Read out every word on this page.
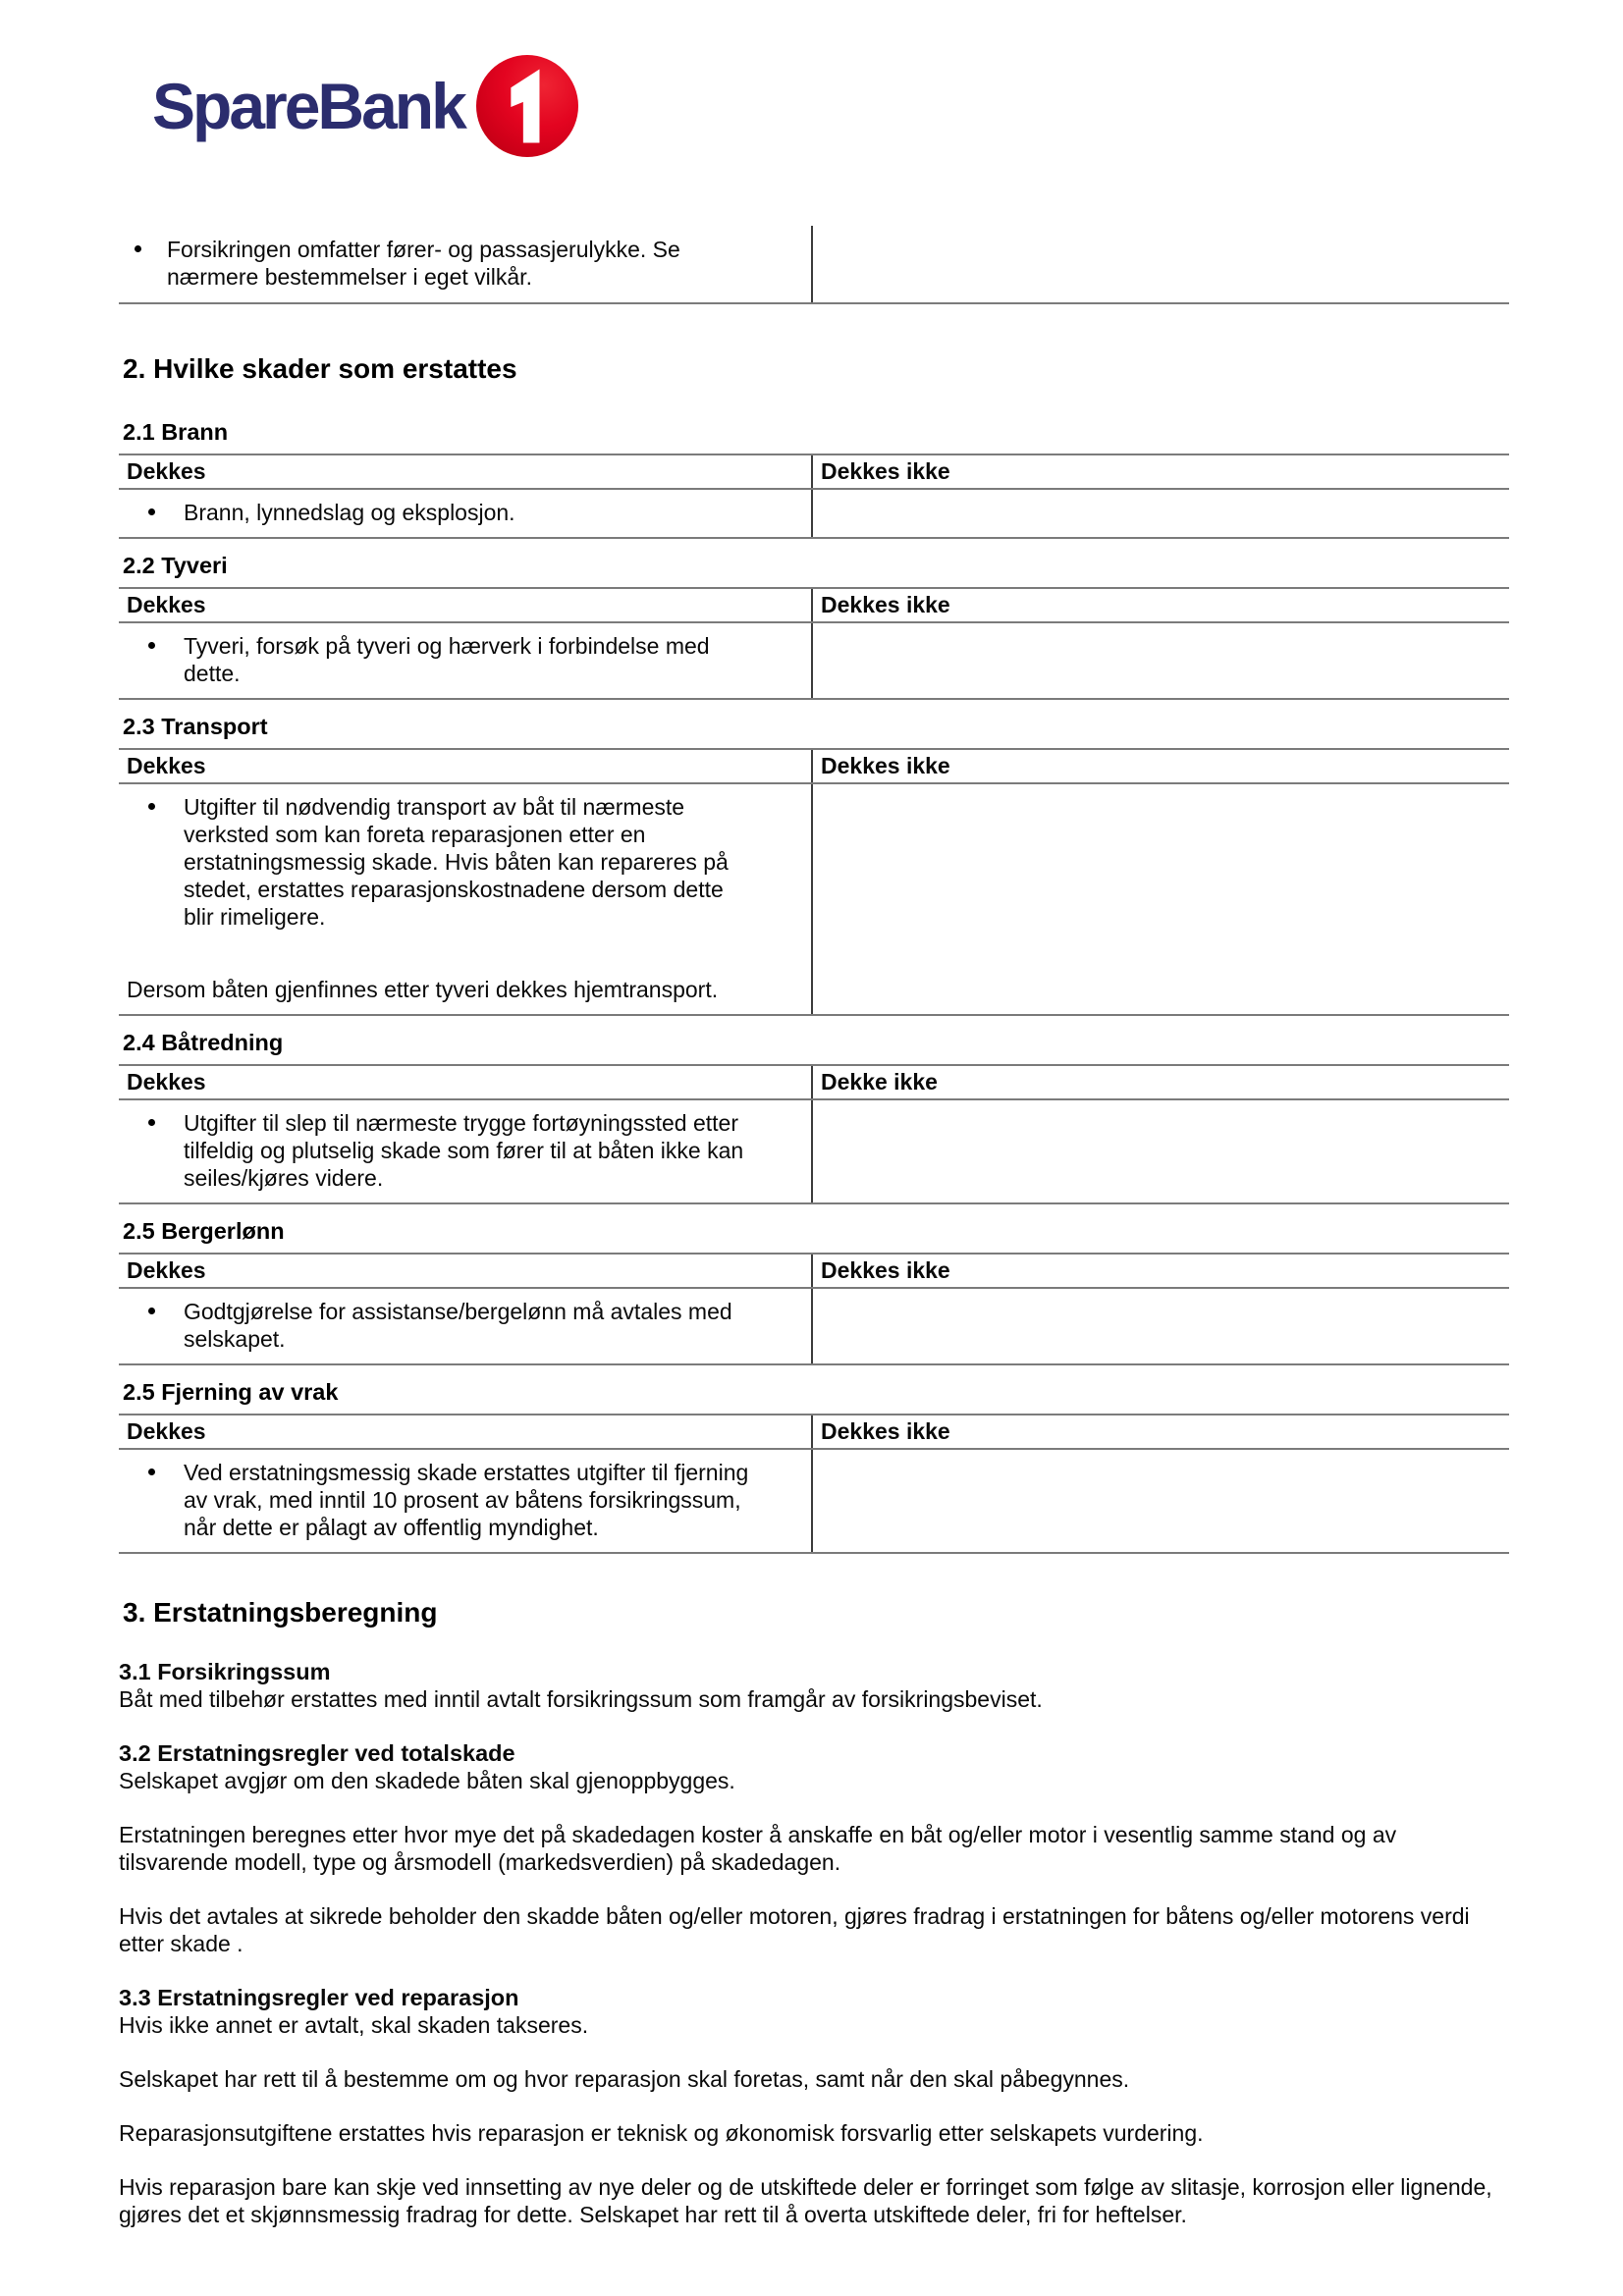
SpareBank
Forsikringen omfatter fører- og passasjerulykke. Se nærmere bestemmelser i eget vilkår.
2. Hvilke skader som erstattes
2.1 Brann
Dekkes	Dekkes ikke
Brann, lynnedslag og eksplosjon.
2.2 Tyveri
Dekkes	Dekkes ikke
Tyveri, forsøk på tyveri og hærverk i forbindelse med dette.
2.3 Transport
Dekkes	Dekkes ikke
Utgifter til nødvendig transport av båt til nærmeste verksted som kan foreta reparasjonen etter en erstatningsmessig skade. Hvis båten kan repareres på stedet, erstattes reparasjonskostnadene dersom dette blir rimeligere.

Dersom båten gjenfinnes etter tyveri dekkes hjemtransport.

2.4 Båtredning
Dekkes	Dekke ikke
Utgifter til slep til nærmeste trygge fortøyningssted etter tilfeldig og plutselig skade som fører til at båten ikke kan seiles/kjøres videre.
2.5 Bergerlønn
Dekkes	Dekkes ikke
Godtgjørelse for assistanse/bergelønn må avtales med selskapet.
2.5 Fjerning av vrak
Dekkes	Dekkes ikke
Ved erstatningsmessig skade erstattes utgifter til fjerning av vrak, med inntil 10 prosent av båtens forsikringssum, når dette er pålagt av offentlig myndighet.
3. Erstatningsberegning
3.1 Forsikringssum

Båt med tilbehør erstattes med inntil avtalt forsikringssum som framgår av forsikringsbeviset.

3.2 Erstatningsregler ved totalskade

Selskapet avgjør om den skadede båten skal gjenoppbygges.

Erstatningen beregnes etter hvor mye det på skadedagen koster å anskaffe en båt og/eller motor i vesentlig samme stand og av tilsvarende modell, type og årsmodell (markedsverdien) på skadedagen.

Hvis det avtales at sikrede beholder den skadde båten og/eller motoren, gjøres fradrag i erstatningen for båtens og/eller motorens verdi etter skade .

3.3 Erstatningsregler ved reparasjon

Hvis ikke annet er avtalt, skal skaden takseres.

Selskapet har rett til å bestemme om og hvor reparasjon skal foretas, samt når den skal påbegynnes.

Reparasjonsutgiftene erstattes hvis reparasjon er teknisk og økonomisk forsvarlig etter selskapets vurdering.

Hvis reparasjon bare kan skje ved innsetting av nye deler og de utskiftede deler er forringet som følge av slitasje, korrosjon eller lignende, gjøres det et skjønnsmessig fradrag for dette. Selskapet har rett til å overta utskiftede deler, fri for heftelser.
